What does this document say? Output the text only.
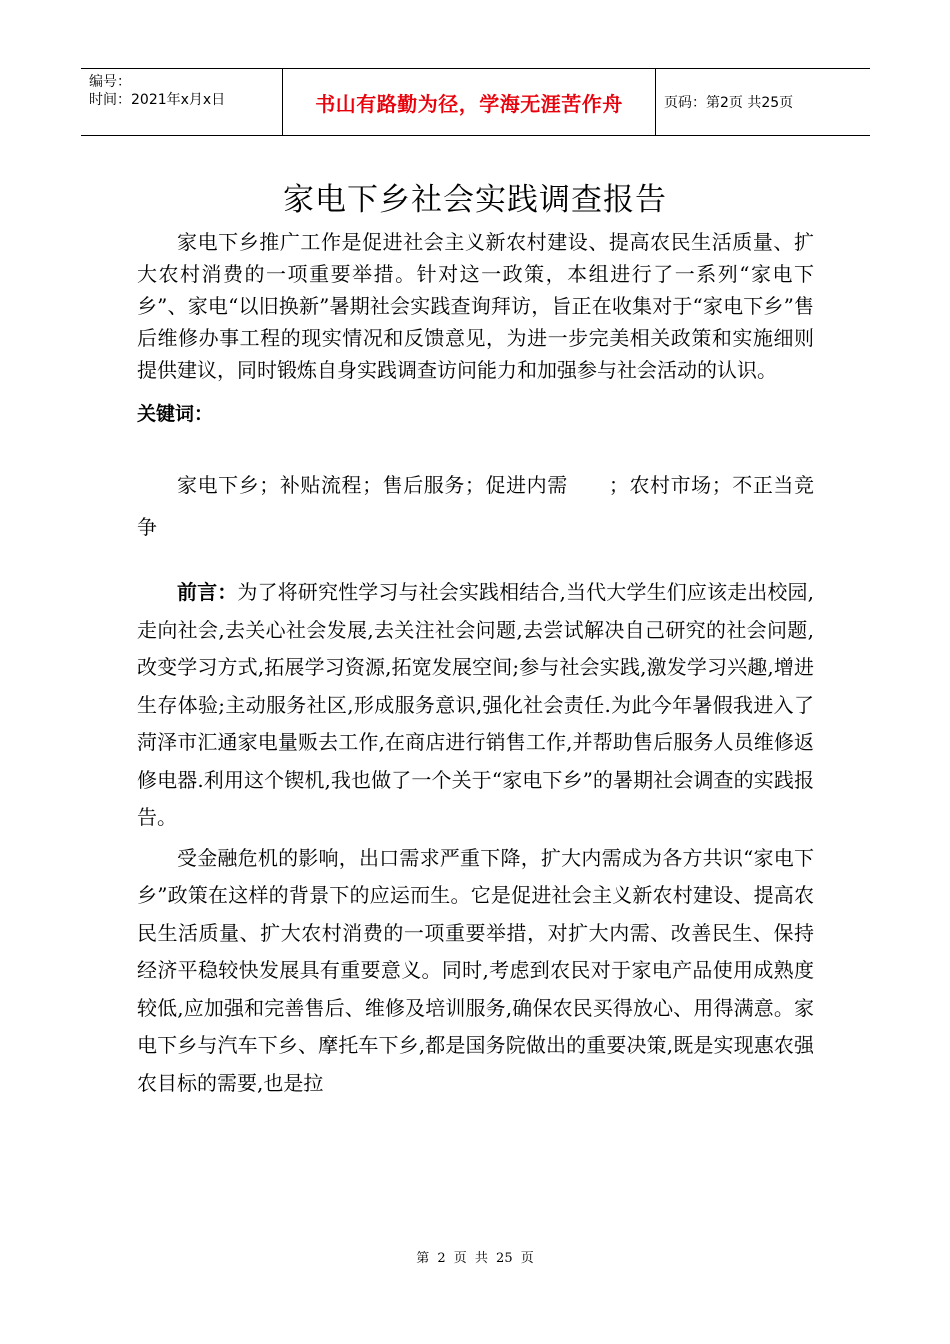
编号：
时间：2021年x月x日	书山有路勤为径，学海无涯苦作舟	页码：第2页 共25页
家电下乡社会实践调查报告

家电下乡推广工作是促进社会主义新农村建设、提高农民生活质量、扩大农村消费的一项重要举措。针对这一政策，本组进行了一系列“家电下乡”、家电“以旧换新”暑期社会实践查询拜访，旨正在收集对于“家电下乡”售后维修办事工程的现实情况和反馈意见，为进一步完美相关政策和实施细则提供建议，同时锻炼自身实践调查访问能力和加强参与社会活动的认识。

关键词：

家电下乡；补贴流程；售后服务；促进内需　　；农村市场；不正当竞争

前言：为了将研究性学习与社会实践相结合,当代大学生们应该走出校园,走向社会,去关心社会发展,去关注社会问题,去尝试解决自己研究的社会问题, 改变学习方式,拓展学习资源,拓宽发展空间;参与社会实践,激发学习兴趣,增进生存体验;主动服务社区,形成服务意识,强化社会责任.为此今年暑假我进入了菏泽市汇通家电量贩去工作,在商店进行销售工作,并帮助售后服务人员维修返修电器.利用这个锲机,我也做了一个关于“家电下乡”的暑期社会调查的实践报告。

受金融危机的影响，出口需求严重下降，扩大内需成为各方共识“家电下乡”政策在这样的背景下的应运而生。它是促进社会主义新农村建设、提高农民生活质量、扩大农村消费的一项重要举措，对扩大内需、改善民生、保持经济平稳较快发展具有重要意义。同时,考虑到农民对于家电产品使用成熟度较低,应加强和完善售后、维修及培训服务,确保农民买得放心、用得满意。家电下乡与汽车下乡、摩托车下乡,都是国务院做出的重要决策,既是实现惠农强农目标的需要,也是拉

第 2 页 共 25 页
